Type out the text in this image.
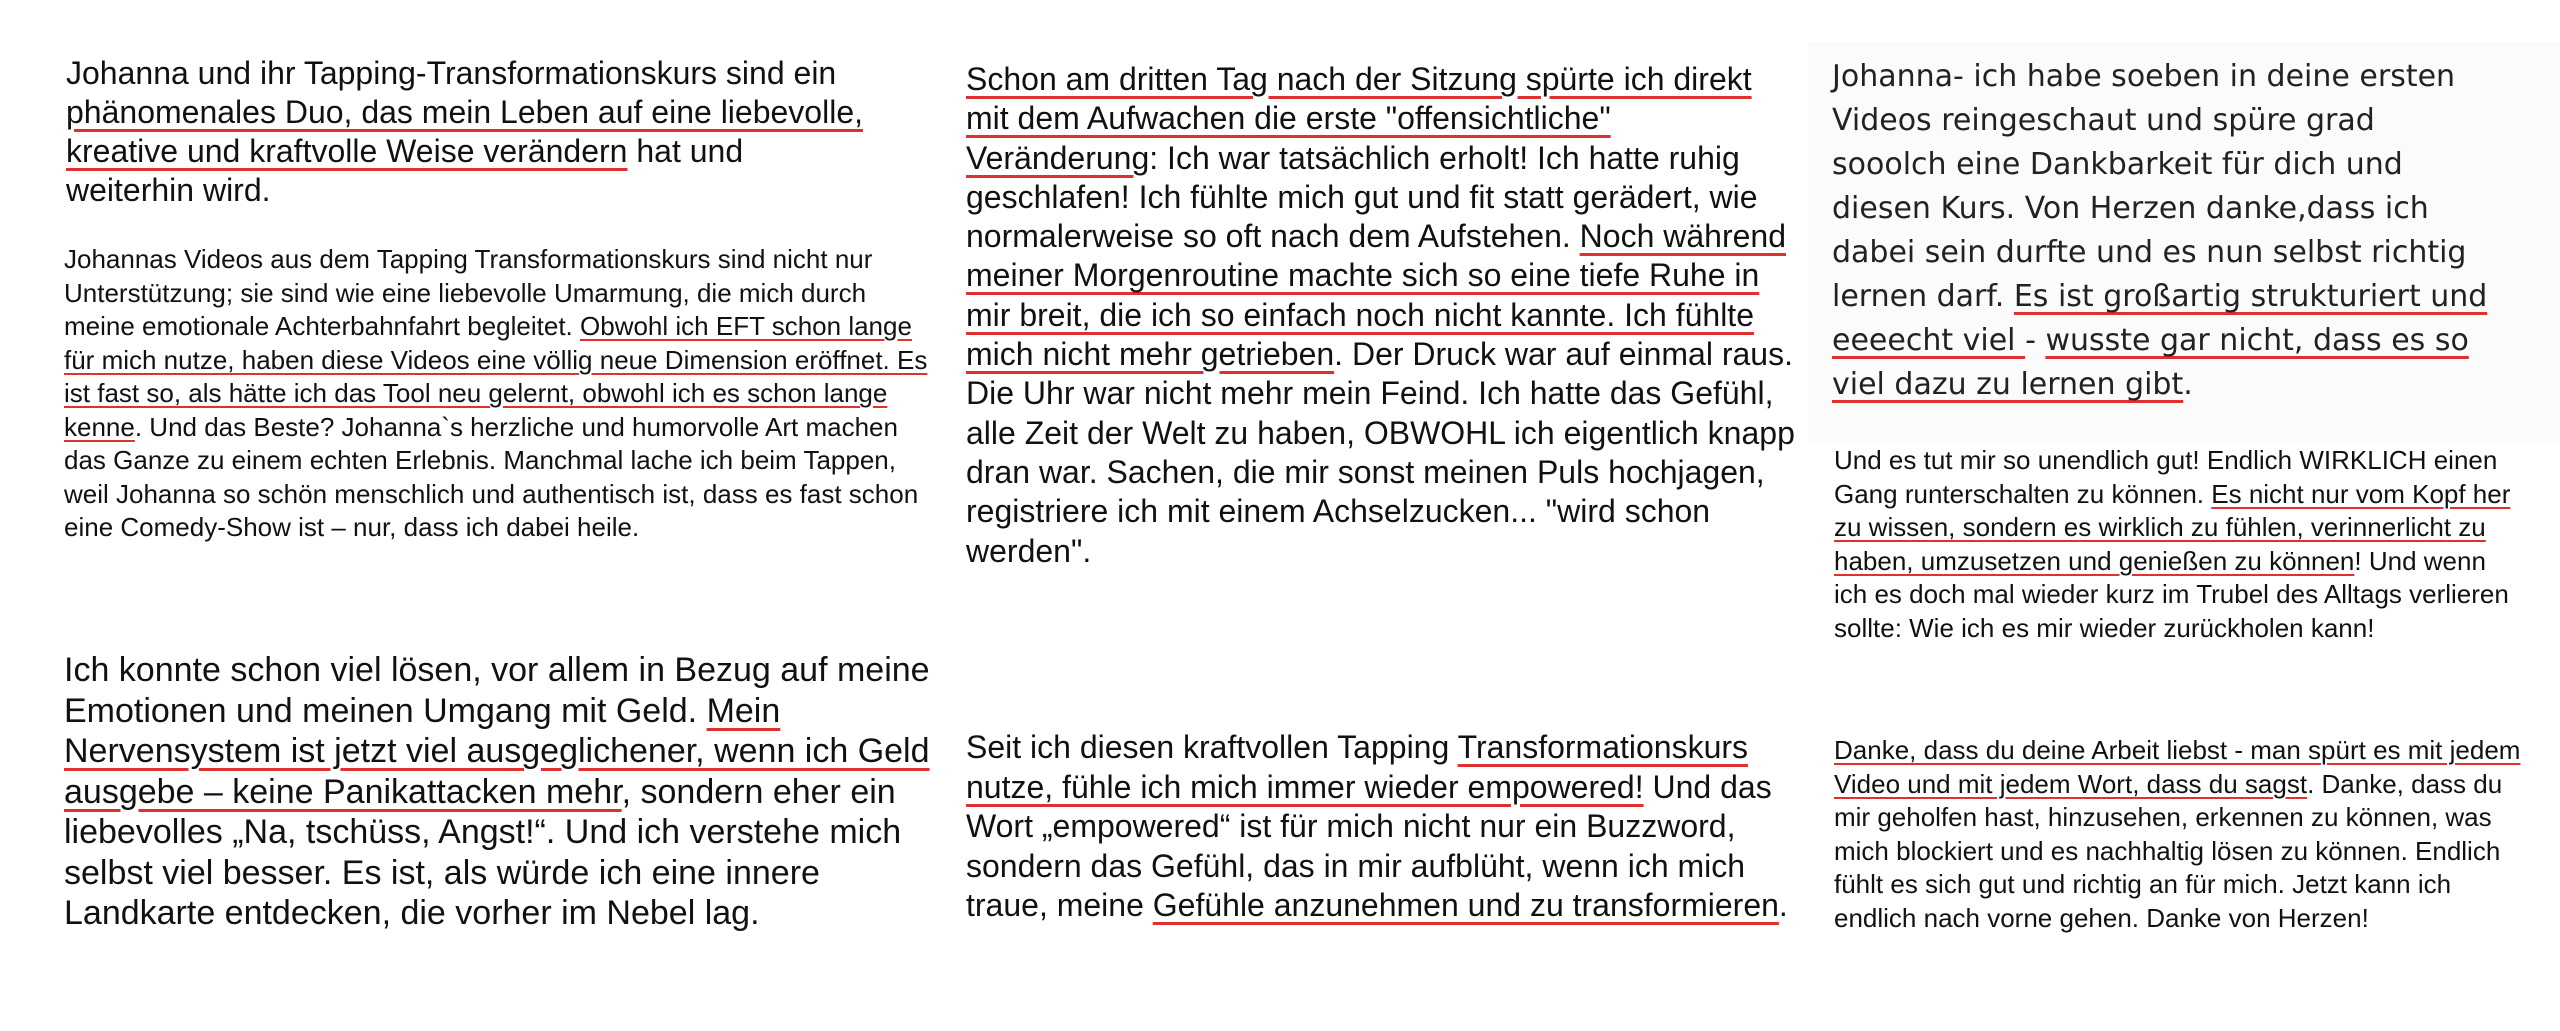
Johanna und ihr Tapping-Transformationskurs sind ein phänomenales Duo, das mein Leben auf eine liebevolle, kreative und kraftvolle Weise verändern hat und weiterhin wird.

Johannas Videos aus dem Tapping Transformationskurs sind nicht nur Unterstützung; sie sind wie eine liebevolle Umarmung, die mich durch meine emotionale Achterbahnfahrt begleitet. Obwohl ich EFT schon lange für mich nutze, haben diese Videos eine völlig neue Dimension eröffnet. Es ist fast so, als hätte ich das Tool neu gelernt, obwohl ich es schon lange kenne. Und das Beste? Johanna`s herzliche und humorvolle Art machen das Ganze zu einem echten Erlebnis. Manchmal lache ich beim Tappen, weil Johanna so schön menschlich und authentisch ist, dass es fast schon eine Comedy-Show ist – nur, dass ich dabei heile.

Ich konnte schon viel lösen, vor allem in Bezug auf meine Emotionen und meinen Umgang mit Geld. Mein Nervensystem ist jetzt viel ausgeglichener, wenn ich Geld ausgebe – keine Panikattacken mehr, sondern eher ein liebevolles „Na, tschüss, Angst!“. Und ich verstehe mich selbst viel besser. Es ist, als würde ich eine innere Landkarte entdecken, die vorher im Nebel lag.

Schon am dritten Tag nach der Sitzung spürte ich direkt mit dem Aufwachen die erste "offensichtliche" Veränderung: Ich war tatsächlich erholt! Ich hatte ruhig geschlafen! Ich fühlte mich gut und fit statt gerädert, wie normalerweise so oft nach dem Aufstehen. Noch während meiner Morgenroutine machte sich so eine tiefe Ruhe in mir breit, die ich so einfach noch nicht kannte. Ich fühlte mich nicht mehr getrieben. Der Druck war auf einmal raus. Die Uhr war nicht mehr mein Feind. Ich hatte das Gefühl, alle Zeit der Welt zu haben, OBWOHL ich eigentlich knapp dran war. Sachen, die mir sonst meinen Puls hochjagen, registriere ich mit einem Achselzucken... "wird schon werden".

Seit ich diesen kraftvollen Tapping Transformationskurs nutze, fühle ich mich immer wieder empowered! Und das Wort „empowered“ ist für mich nicht nur ein Buzzword, sondern das Gefühl, das in mir aufblüht, wenn ich mich traue, meine Gefühle anzunehmen und zu transformieren.

Johanna- ich habe soeben in deine ersten Videos reingeschaut und spüre grad sooolch eine Dankbarkeit für dich und diesen Kurs. Von Herzen danke,dass ich dabei sein durfte und es nun selbst richtig lernen darf. Es ist großartig strukturiert und eeeecht viel - wusste gar nicht, dass es so viel dazu zu lernen gibt.

Und es tut mir so unendlich gut! Endlich WIRKLICH einen Gang runterschalten zu können. Es nicht nur vom Kopf her zu wissen, sondern es wirklich zu fühlen, verinnerlicht zu haben, umzusetzen und genießen zu können! Und wenn ich es doch mal wieder kurz im Trubel des Alltags verlieren sollte: Wie ich es mir wieder zurückholen kann!

Danke, dass du deine Arbeit liebst - man spürt es mit jedem Video und mit jedem Wort, dass du sagst. Danke, dass du mir geholfen hast, hinzusehen, erkennen zu können, was mich blockiert und es nachhaltig lösen zu können. Endlich fühlt es sich gut und richtig an für mich. Jetzt kann ich endlich nach vorne gehen. Danke von Herzen!
